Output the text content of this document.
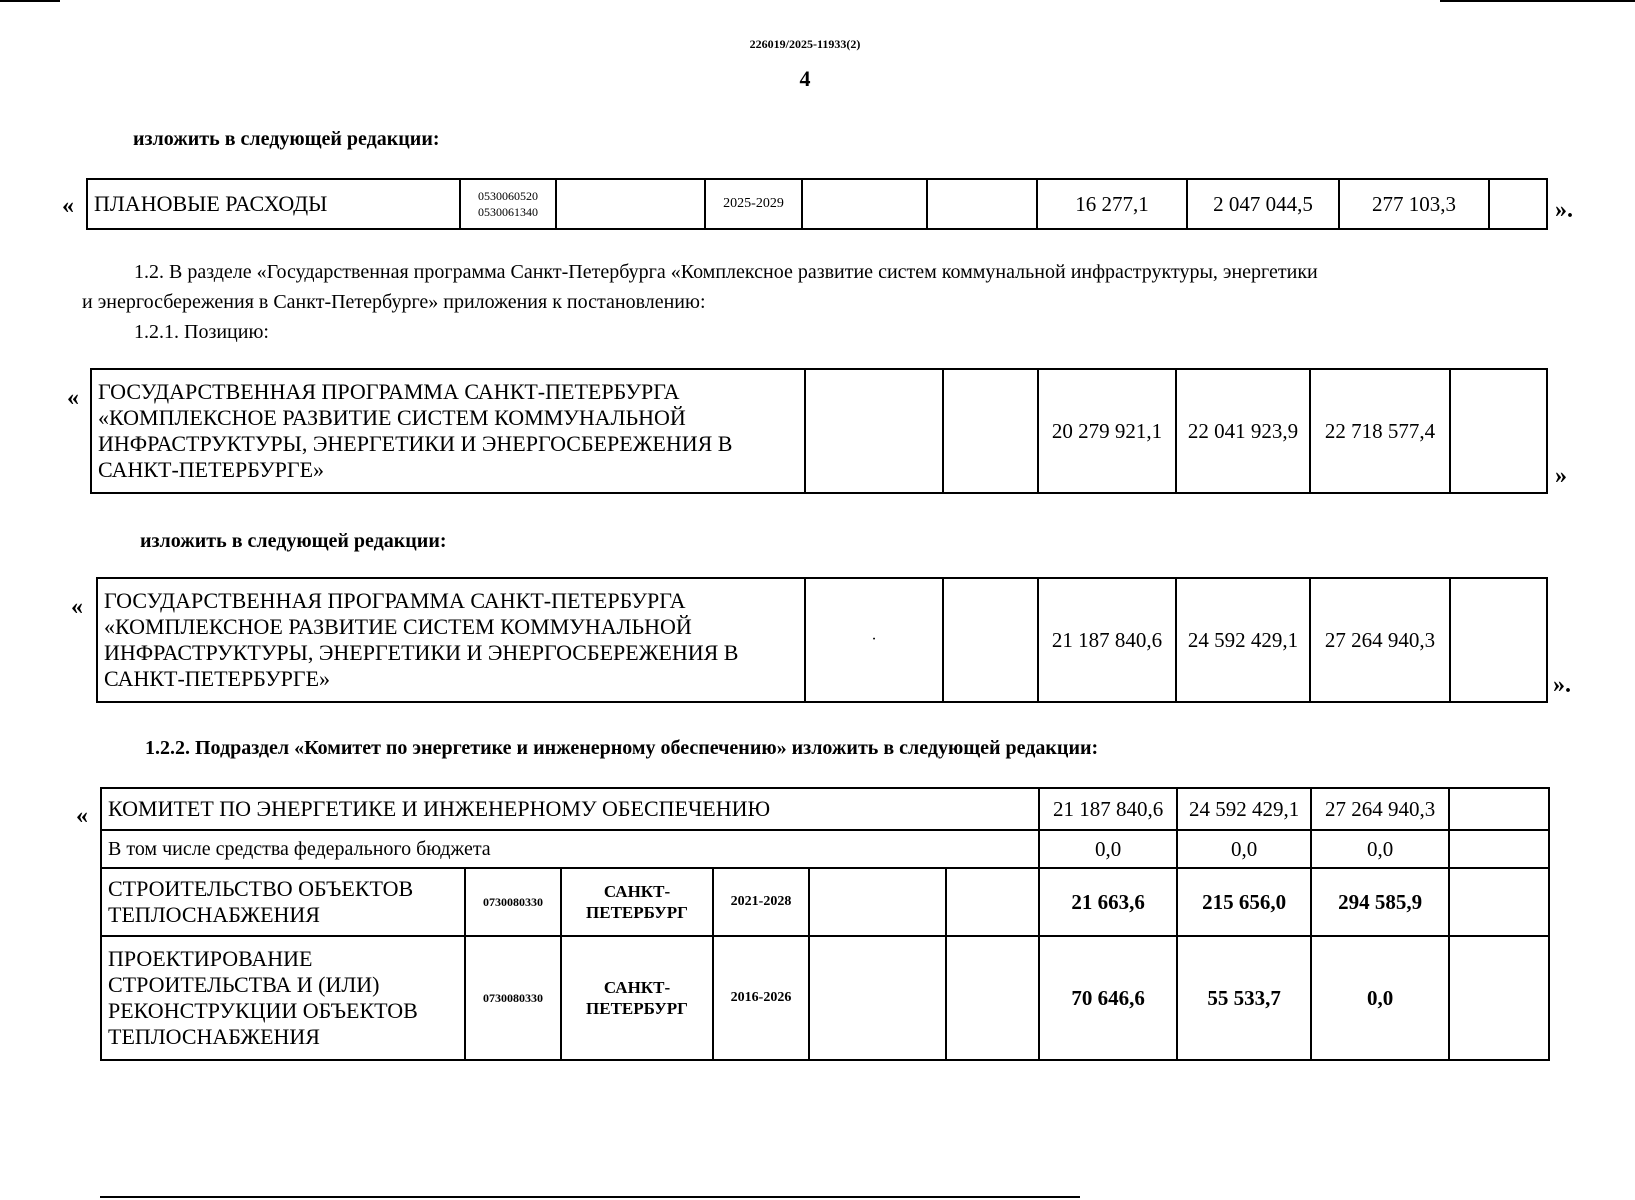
226019/2025-11933(2)
4
изложить в следующей редакции:
« ПЛАНОВЫЕ РАСХОДЫ	0530060520
0530061340
		2025-2029			16 277,1	2 047 044,5	277 103,3		».
1.2. В разделе «Государственная программа Санкт-Петербурга «Комплексное развитие систем коммунальной инфраструктуры, энергетики
и энергосбережения в Санкт-Петербурге» приложения к постановлению:
1.2.1. Позицию:
« ГОСУДАРСТВЕННАЯ ПРОГРАММА САНКТ-ПЕТЕРБУРГА «КОМПЛЕКСНОЕ РАЗВИТИЕ СИСТЕМ КОММУНАЛЬНОЙ ИНФРАСТРУКТУРЫ, ЭНЕРГЕТИКИ И ЭНЕРГОСБЕРЕЖЕНИЯ В САНКТ-ПЕТЕРБУРГЕ»			20 279 921,1	22 041 923,9	22 718 577,4	
»
изложить в следующей редакции:
« ГОСУДАРСТВЕННАЯ ПРОГРАММА САНКТ-ПЕТЕРБУРГА «КОМПЛЕКСНОЕ РАЗВИТИЕ СИСТЕМ КОММУНАЛЬНОЙ ИНФРАСТРУКТУРЫ, ЭНЕРГЕТИКИ И ЭНЕРГОСБЕРЕЖЕНИЯ В САНКТ-ПЕТЕРБУРГЕ»	·		21 187 840,6	24 592 429,1	27 264 940,3	
».
1.2.2. Подраздел «Комитет по энергетике и инженерному обеспечению» изложить в следующей редакции:
« КОМИТЕТ ПО ЭНЕРГЕТИКЕ И ИНЖЕНЕРНОМУ ОБЕСПЕЧЕНИЮ						21 187 840,6	24 592 429,1	27 264 940,3	
В том числе средства федерального бюджета						0,0	0,0	0,0	
СТРОИТЕЛЬСТВО ОБЪЕКТОВ ТЕПЛОСНАБЖЕНИЯ	0730080330	САНКТ-ПЕТЕРБУРГ	2021-2028			21 663,6	215 656,0	294 585,9	
ПРОЕКТИРОВАНИЕ СТРОИТЕЛЬСТВА И (ИЛИ) РЕКОНСТРУКЦИИ ОБЪЕКТОВ ТЕПЛОСНАБЖЕНИЯ	0730080330	САНКТ-ПЕТЕРБУРГ	2016-2026			70 646,6	55 533,7	0,0	
